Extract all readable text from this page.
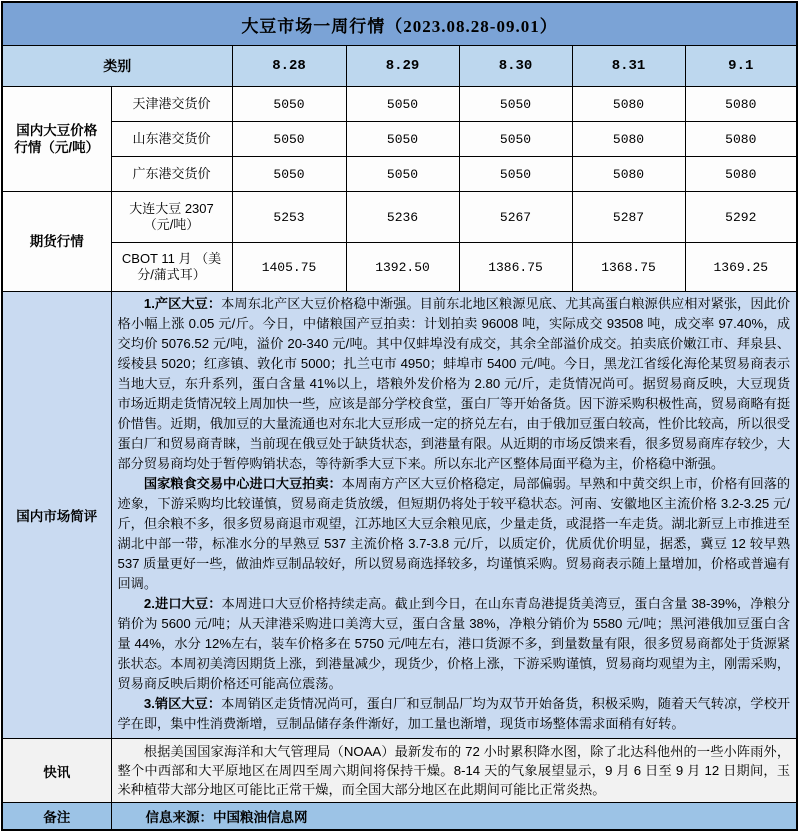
大豆市场一周行情（2023.08.28-09.01）						
类别		8.28	8.29	8.30	8.31	9.1
国内大豆价格行情（元/吨）	天津港交货价	5050	5050	5050	5080	5080
	山东港交货价	5050	5050	5050	5080	5080
	广东港交货价	5050	5050	5050	5080	5080
期货行情	大连大豆 2307 （元/吨）	5253	5236	5267	5287	5292
	CBOT 11 月 （美分/蒲式耳）	1405.75	1392.50	1386.75	1368.75	1369.25
国内市场简评	1.产区大豆：本周东北产区大豆价格稳中渐强。目前东北地区粮源见底、尤其高蛋白粮源供应相对紧张，因此价格小幅上涨 0.05 元/斤。今日，中储粮国产豆拍卖：计划拍卖 96008 吨，实际成交 93508 吨，成交率 97.40%，成交均价 5076.52 元/吨，溢价 20-340 元/吨。其中仅蚌埠没有成交，其余全部溢价成交。拍卖底价嫩江市、拜泉县、绥棱县 5020；红彦镇、敦化市 5000；扎兰屯市 4950；蚌埠市 5400 元/吨。今日，黑龙江省绥化海伦某贸易商表示当地大豆，东升系列，蛋白含量 41%以上，塔粮外发价格为 2.80 元/斤，走货情况尚可。据贸易商反映，大豆现货市场近期走货情况较上周加快一些，应该是部分学校食堂，蛋白厂等开始备货。因下游采购积极性高，贸易商略有挺价惜售。近期，俄加豆的大量流通也对东北大豆形成一定的挤兑左右，由于俄加豆蛋白较高，性价比较高，所以很受蛋白厂和贸易商青睐，当前现在俄豆处于缺货状态，到港量有限。从近期的市场反馈来看，很多贸易商库存较少，大部分贸易商均处于暂停购销状态，等待新季大豆下来。所以东北产区整体局面平稳为主，价格稳中渐强。

国家粮食交易中心进口大豆拍卖：本周南方产区大豆价格稳定，局部偏弱。早熟和中黄交织上市，价格有回落的迹象，下游采购均比较谨慎，贸易商走货放缓，但短期仍将处于较平稳状态。河南、安徽地区主流价格 3.2-3.25 元/斤，但余粮不多，很多贸易商退市观望，江苏地区大豆余粮见底，少量走货，或混搭一车走货。湖北新豆上市推进至湖北中部一带，标准水分的早熟豆 537 主流价格 3.7-3.8 元/斤，以质定价，优质优价明显，据悉，冀豆 12 较早熟 537 质量更好一些，做油炸豆制品较好，所以贸易商选择较多，均谨慎采购。贸易商表示随上量增加，价格或普遍有回调。

2.进口大豆：本周进口大豆价格持续走高。截止到今日，在山东青岛港提货美湾豆，蛋白含量 38-39%，净粮分销价为 5600 元/吨；从天津港采购进口美湾大豆，蛋白含量 38%，净粮分销价为 5580 元/吨；黑河港俄加豆蛋白含量 44%，水分 12%左右，装车价格多在 5750 元/吨左右，港口货源不多，到量数量有限，很多贸易商都处于货源紧张状态。本周初美湾因期货上涨，到港量减少，现货少，价格上涨，下游采购谨慎，贸易商均观望为主，刚需采购，贸易商反映后期价格还可能高位震荡。

3.销区大豆：本周销区走货情况尚可，蛋白厂和豆制品厂均为双节开始备货，积极采购，随着天气转凉，学校开学在即，集中性消费渐增，豆制品储存条件渐好，加工量也渐增，现货市场整体需求面稍有好转。					

快讯	根据美国国家海洋和大气管理局（NOAA）最新发布的 72 小时累积降水图，除了北达科他州的一些小阵雨外，整个中西部和大平原地区在周四至周六期间将保持干燥。8-14 天的气象展望显示，9 月 6 日至 9 月 12 日期间，玉米种植带大部分地区可能比正常干燥，而全国大部分地区在此期间可能比正常炎热。					

备注	信息来源：中国粮油信息网					
